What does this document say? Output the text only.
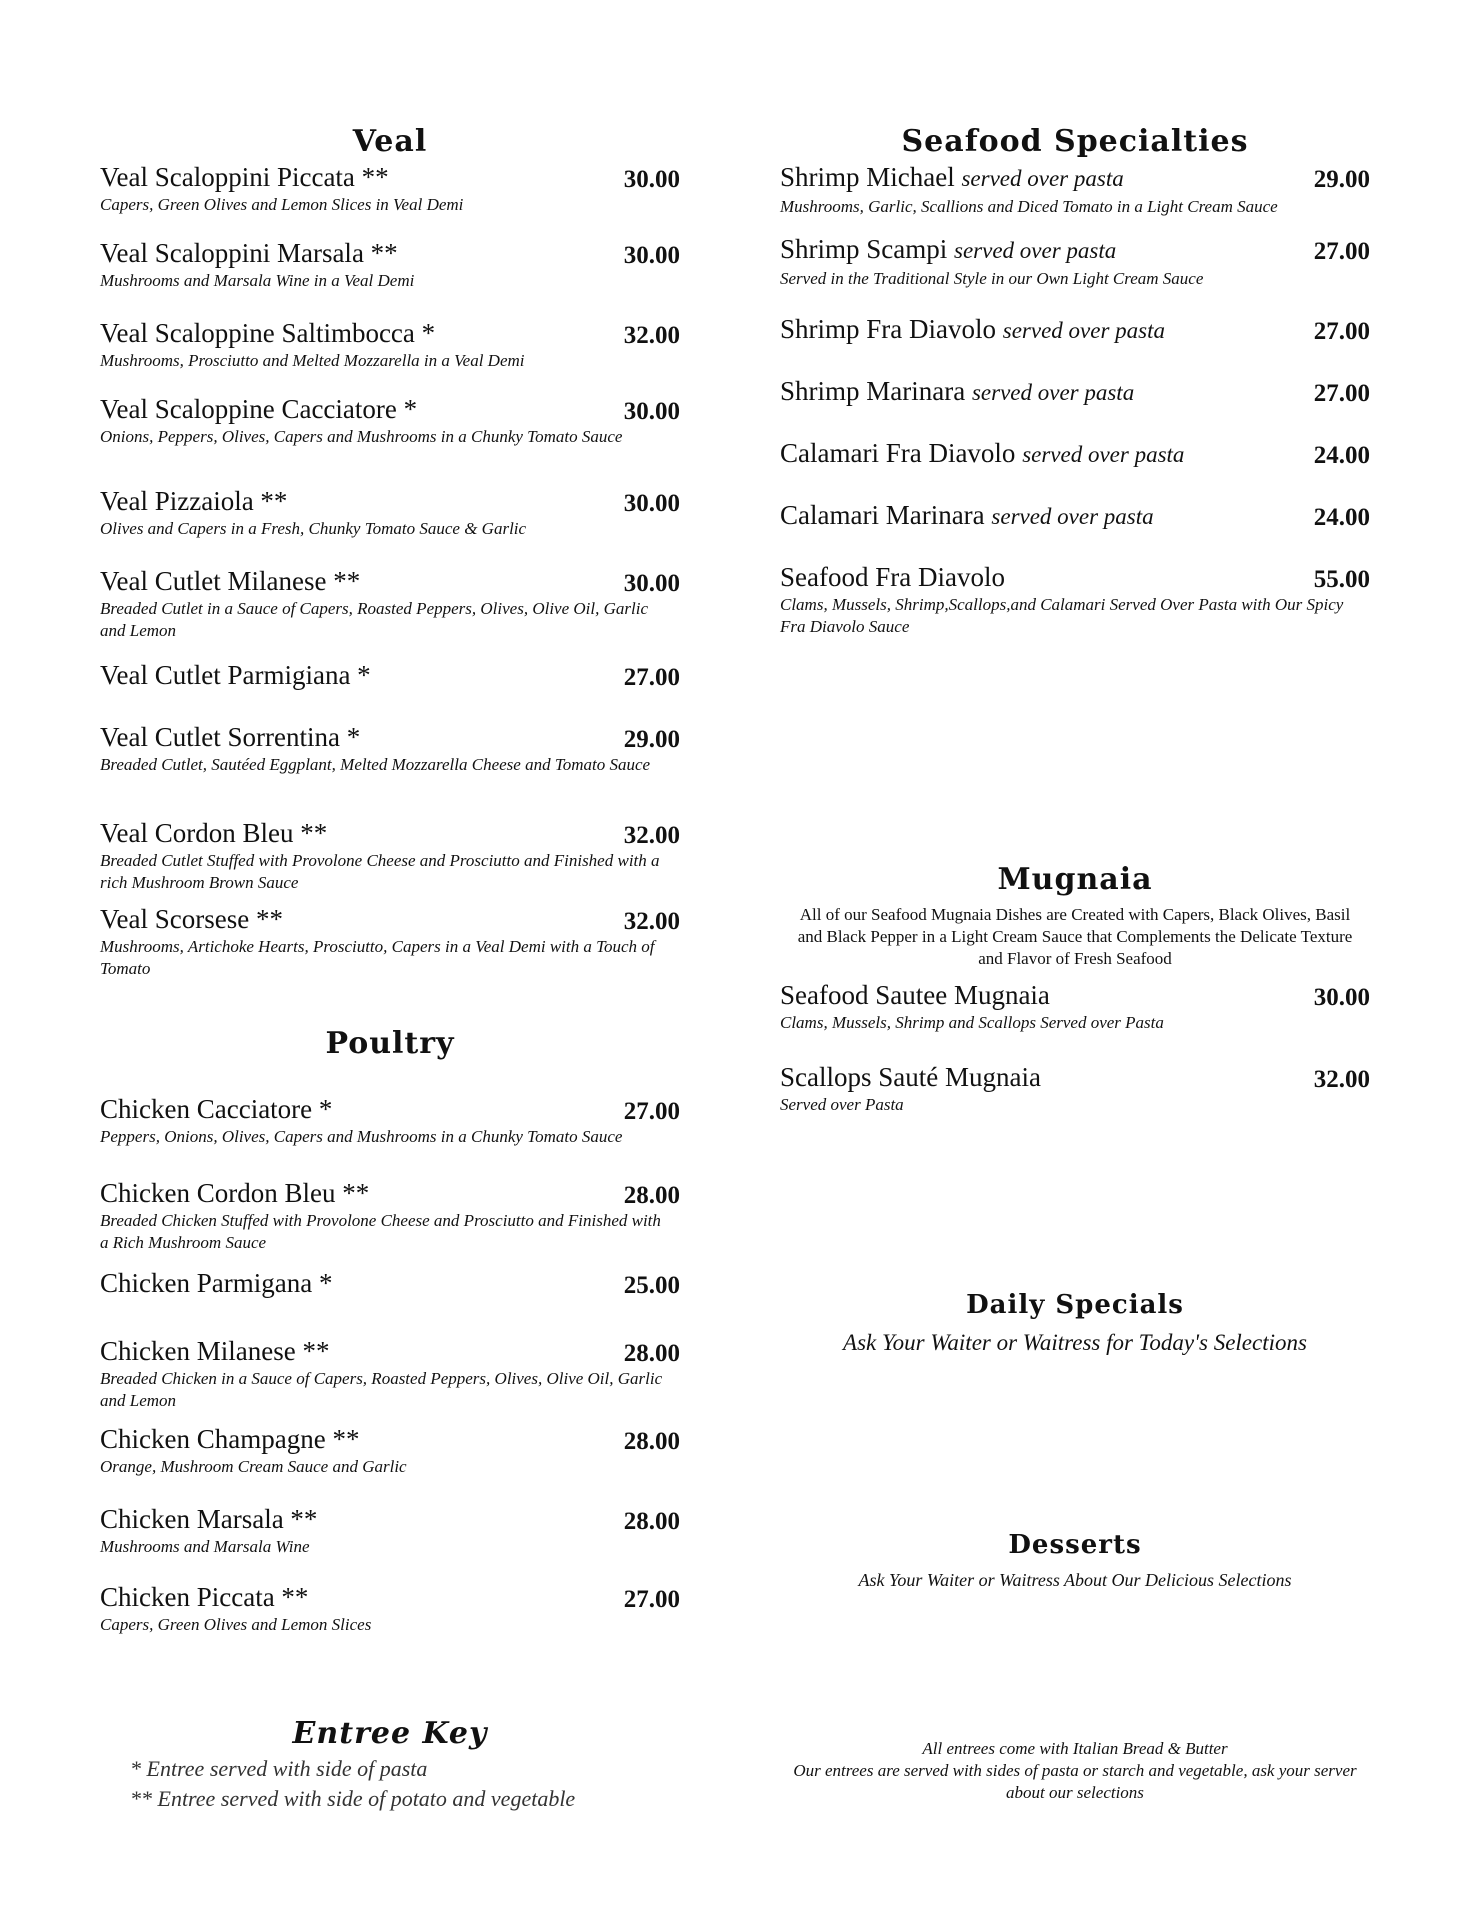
Veal
Veal Scaloppini Piccata **	30.00
Capers, Green Olives and Lemon Slices in Veal Demi
Veal Scaloppini Marsala **	30.00
Mushrooms and Marsala Wine in a Veal Demi
Veal Scaloppine Saltimbocca *	32.00
Mushrooms, Prosciutto and Melted Mozzarella in a Veal Demi
Veal Scaloppine Cacciatore *	30.00
Onions, Peppers, Olives, Capers and Mushrooms in a Chunky Tomato Sauce
Veal Pizzaiola **	30.00
Olives and Capers in a Fresh, Chunky Tomato Sauce & Garlic
Veal Cutlet Milanese **	30.00
Breaded Cutlet in a Sauce of Capers, Roasted Peppers, Olives, Olive Oil, Garlic and Lemon
Veal Cutlet Parmigiana *	27.00
Veal Cutlet Sorrentina *	29.00
Breaded Cutlet, Sautéed Eggplant, Melted Mozzarella Cheese and Tomato Sauce
Veal Cordon Bleu **	32.00
Breaded Cutlet Stuffed with Provolone Cheese and Prosciutto and Finished with a rich Mushroom Brown Sauce
Veal Scorsese **	32.00
Mushrooms, Artichoke Hearts, Prosciutto, Capers in a Veal Demi with a Touch of Tomato
Poultry
Chicken Cacciatore *	27.00
Peppers, Onions, Olives, Capers and Mushrooms in a Chunky Tomato Sauce
Chicken Cordon Bleu **	28.00
Breaded Chicken Stuffed with Provolone Cheese and Prosciutto and Finished with a Rich Mushroom Sauce
Chicken Parmigana *	25.00
Chicken Milanese **	28.00
Breaded Chicken in a Sauce of Capers, Roasted Peppers, Olives, Olive Oil, Garlic and Lemon
Chicken Champagne **	28.00
Orange, Mushroom Cream Sauce and Garlic
Chicken Marsala **	28.00
Mushrooms and Marsala Wine
Chicken Piccata **	27.00
Capers, Green Olives and Lemon Slices
Entree Key
* Entree served with side of pasta
** Entree served with side of potato and vegetable
Seafood Specialties
Shrimp Michael served over pasta	29.00
Mushrooms, Garlic, Scallions and Diced Tomato in a Light Cream Sauce
Shrimp Scampi served over pasta	27.00
Served in the Traditional Style in our Own Light Cream Sauce
Shrimp Fra Diavolo served over pasta	27.00
Shrimp Marinara served over pasta	27.00
Calamari Fra Diavolo served over pasta	24.00
Calamari Marinara served over pasta	24.00
Seafood Fra Diavolo	55.00
Clams, Mussels, Shrimp,Scallops,and Calamari Served Over Pasta with Our Spicy Fra Diavolo Sauce
Mugnaia
All of our Seafood Mugnaia Dishes are Created with Capers, Black Olives, Basil and Black Pepper in a Light Cream Sauce that Complements the Delicate Texture and Flavor of Fresh Seafood
Seafood Sautee Mugnaia	30.00
Clams, Mussels, Shrimp and Scallops Served over Pasta
Scallops Sauté Mugnaia	32.00
Served over Pasta
Daily Specials
Ask Your Waiter or Waitress for Today's Selections
Desserts
Ask Your Waiter or Waitress About Our Delicious Selections
All entrees come with Italian Bread & Butter
Our entrees are served with sides of pasta or starch and vegetable, ask your server about our selections
